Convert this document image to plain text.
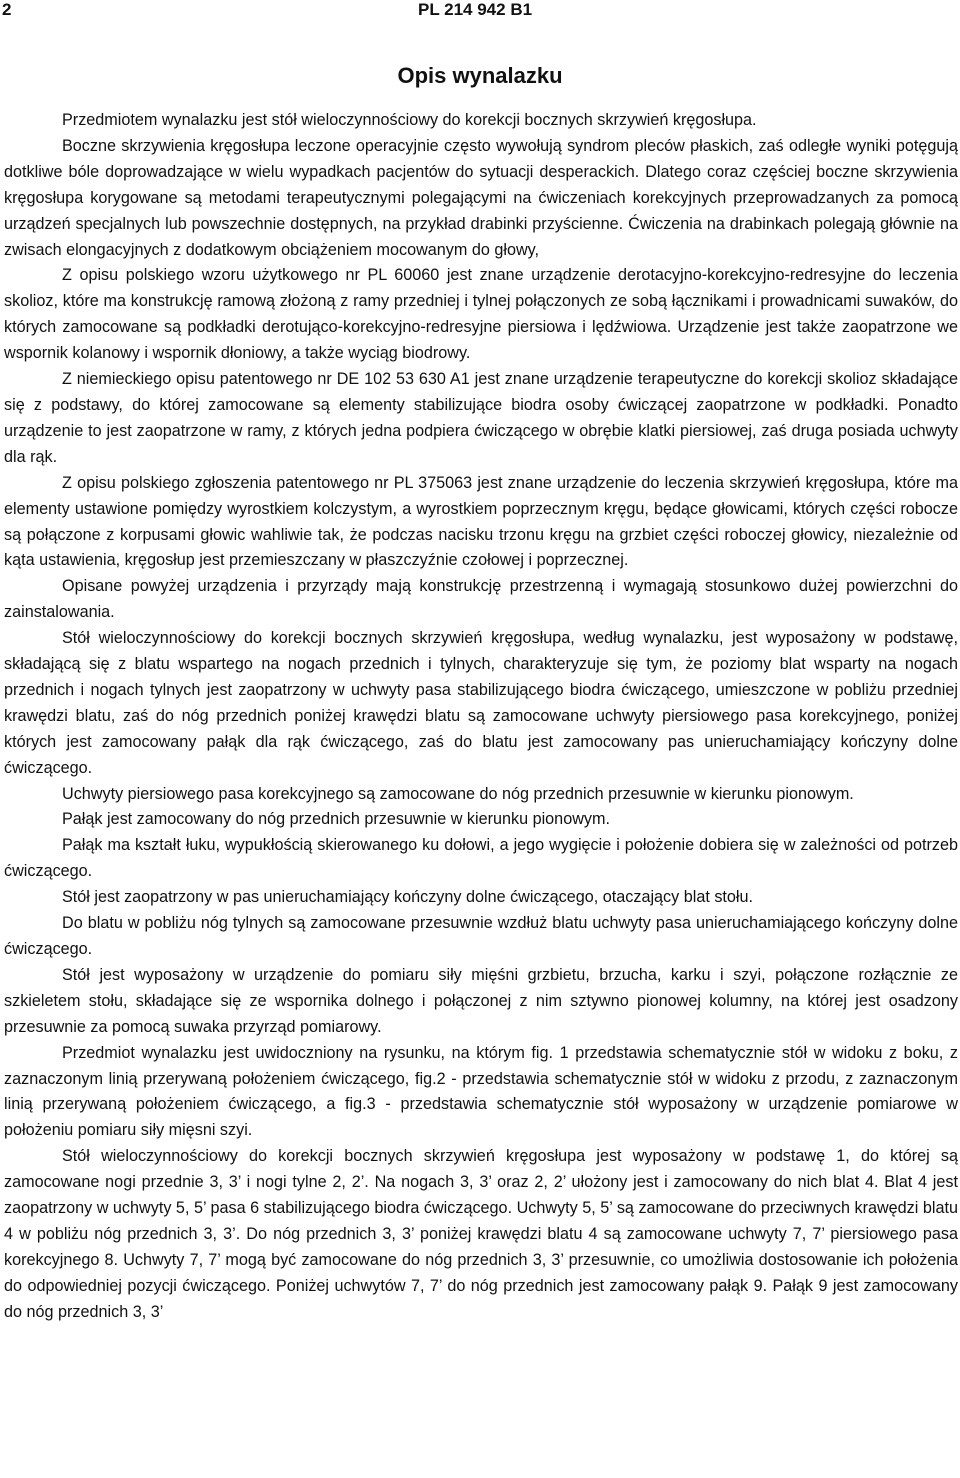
2	PL 214 942 B1
Opis wynalazku

Przedmiotem wynalazku jest stół wieloczynnościowy do korekcji bocznych skrzywień kręgosłupa.

Boczne skrzywienia kręgosłupa leczone operacyjnie często wywołują syndrom pleców płaskich, zaś odległe wyniki potęgują dotkliwe bóle doprowadzające w wielu wypadkach pacjentów do sytuacji desperackich. Dlatego coraz częściej boczne skrzywienia kręgosłupa korygowane są metodami terapeutycznymi polegającymi na ćwiczeniach korekcyjnych przeprowadzanych za pomocą urządzeń specjalnych lub powszechnie dostępnych, na przykład drabinki przyścienne. Ćwiczenia na drabinkach polegają głównie na zwisach elongacyjnych z dodatkowym obciążeniem mocowanym do głowy,

Z opisu polskiego wzoru użytkowego nr PL 60060 jest znane urządzenie derotacyjno-korekcyjno-redresyjne do leczenia skolioz, które ma konstrukcję ramową złożoną z ramy przedniej i tylnej połączonych ze sobą łącznikami i prowadnicami suwaków, do których zamocowane są podkładki derotująco-korekcyjno-redresyjne piersiowa i lędźwiowa. Urządzenie jest także zaopatrzone we wspornik kolanowy i wspornik dłoniowy, a także wyciąg biodrowy.

Z niemieckiego opisu patentowego nr DE 102 53 630 A1 jest znane urządzenie terapeutyczne do korekcji skolioz składające się z podstawy, do której zamocowane są elementy stabilizujące biodra osoby ćwiczącej zaopatrzone w podkładki. Ponadto urządzenie to jest zaopatrzone w ramy, z których jedna podpiera ćwiczącego w obrębie klatki piersiowej, zaś druga posiada uchwyty dla rąk.

Z opisu polskiego zgłoszenia patentowego nr PL 375063 jest znane urządzenie do leczenia skrzywień kręgosłupa, które ma elementy ustawione pomiędzy wyrostkiem kolczystym, a wyrostkiem poprzecznym kręgu, będące głowicami, których części robocze są połączone z korpusami głowic wahliwie tak, że podczas nacisku trzonu kręgu na grzbiet części roboczej głowicy, niezależnie od kąta ustawienia, kręgosłup jest przemieszczany w płaszczyźnie czołowej i poprzecznej.

Opisane powyżej urządzenia i przyrządy mają konstrukcję przestrzenną i wymagają stosunkowo dużej powierzchni do zainstalowania.

Stół wieloczynnościowy do korekcji bocznych skrzywień kręgosłupa, według wynalazku, jest wyposażony w podstawę, składającą się z blatu wspartego na nogach przednich i tylnych, charakteryzuje się tym, że poziomy blat wsparty na nogach przednich i nogach tylnych jest zaopatrzony w uchwyty pasa stabilizującego biodra ćwiczącego, umieszczone w pobliżu przedniej krawędzi blatu, zaś do nóg przednich poniżej krawędzi blatu są zamocowane uchwyty piersiowego pasa korekcyjnego, poniżej których jest zamocowany pałąk dla rąk ćwiczącego, zaś do blatu jest zamocowany pas unieruchamiający kończyny dolne ćwiczącego.

Uchwyty piersiowego pasa korekcyjnego są zamocowane do nóg przednich przesuwnie w kierunku pionowym.

Pałąk jest zamocowany do nóg przednich przesuwnie w kierunku pionowym.

Pałąk ma kształt łuku, wypukłością skierowanego ku dołowi, a jego wygięcie i położenie dobiera się w zależności od potrzeb ćwiczącego.

Stół jest zaopatrzony w pas unieruchamiający kończyny dolne ćwiczącego, otaczający blat stołu.

Do blatu w pobliżu nóg tylnych są zamocowane przesuwnie wzdłuż blatu uchwyty pasa unieruchamiającego kończyny dolne ćwiczącego.

Stół jest wyposażony w urządzenie do pomiaru siły mięśni grzbietu, brzucha, karku i szyi, połączone rozłącznie ze szkieletem stołu, składające się ze wspornika dolnego i połączonej z nim sztywno pionowej kolumny, na której jest osadzony przesuwnie za pomocą suwaka przyrząd pomiarowy.

Przedmiot wynalazku jest uwidoczniony na rysunku, na którym fig. 1 przedstawia schematycznie stół w widoku z boku, z zaznaczonym linią przerywaną położeniem ćwiczącego, fig.2 - przedstawia schematycznie stół w widoku z przodu, z zaznaczonym linią przerywaną położeniem ćwiczącego, a fig.3 - przedstawia schematycznie stół wyposażony w urządzenie pomiarowe w położeniu pomiaru siły mięsni szyi.

Stół wieloczynnościowy do korekcji bocznych skrzywień kręgosłupa jest wyposażony w podstawę 1, do której są zamocowane nogi przednie 3, 3’ i nogi tylne 2, 2’. Na nogach 3, 3’ oraz 2, 2’ ułożony jest i zamocowany do nich blat 4. Blat 4 jest zaopatrzony w uchwyty 5, 5’ pasa 6 stabilizującego biodra ćwiczącego. Uchwyty 5, 5’ są zamocowane do przeciwnych krawędzi blatu 4 w pobliżu nóg przednich 3, 3’. Do nóg przednich 3, 3’ poniżej krawędzi blatu 4 są zamocowane uchwyty 7, 7’ piersiowego pasa korekcyjnego 8. Uchwyty 7, 7’ mogą być zamocowane do nóg przednich 3, 3’ przesuwnie, co umożliwia dostosowanie ich położenia do odpowiedniej pozycji ćwiczącego. Poniżej uchwytów 7, 7’ do nóg przednich jest zamocowany pałąk 9. Pałąk 9 jest zamocowany do nóg przednich 3, 3’
